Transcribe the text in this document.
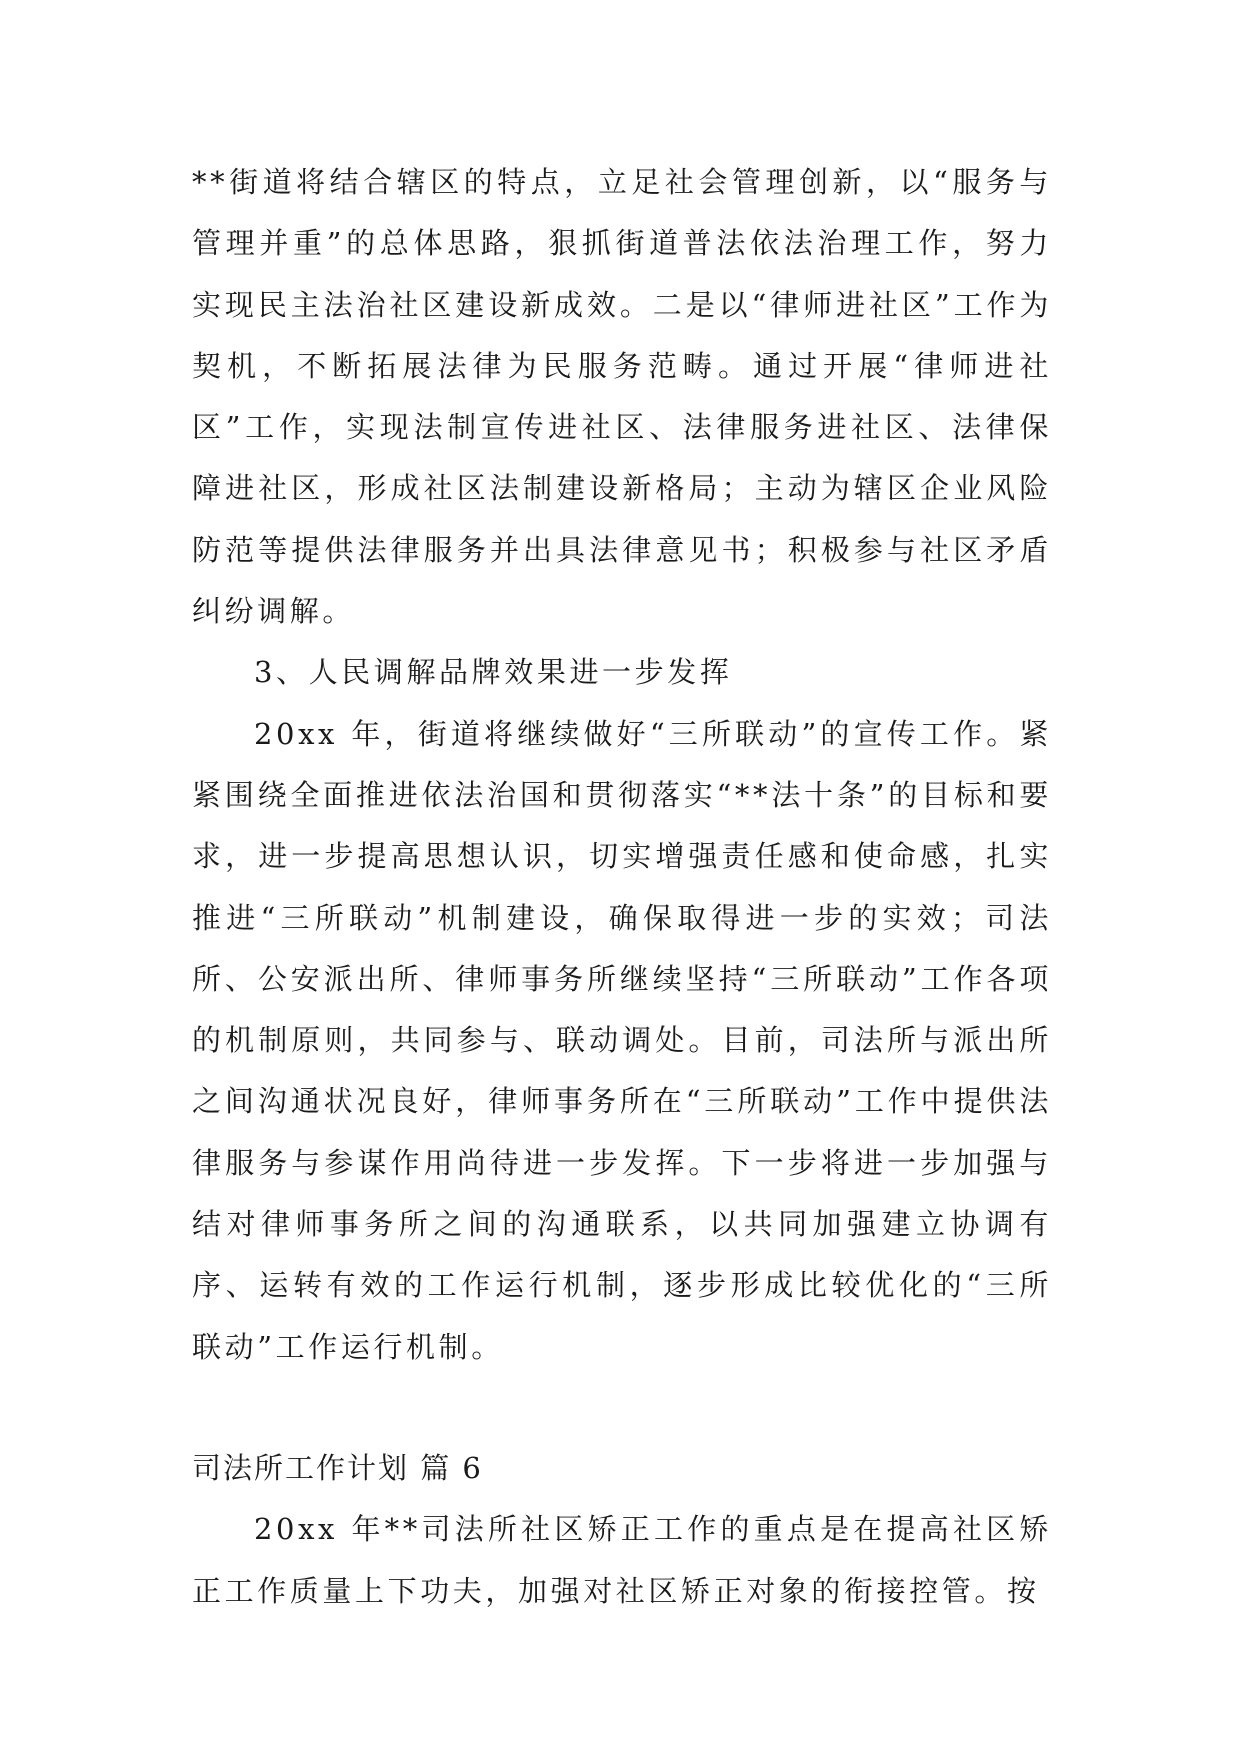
**街道将结合辖区的特点，立足社会管理创新，以“服务与管理并重”的总体思路，狠抓街道普法依法治理工作，努力实现民主法治社区建设新成效。二是以“律师进社区”工作为契机，不断拓展法律为民服务范畴。通过开展“律师进社区”工作，实现法制宣传进社区、法律服务进社区、法律保障进社区，形成社区法制建设新格局；主动为辖区企业风险防范等提供法律服务并出具法律意见书；积极参与社区矛盾纠纷调解。

3、人民调解品牌效果进一步发挥

20xx 年，街道将继续做好“三所联动”的宣传工作。紧紧围绕全面推进依法治国和贯彻落实“**法十条”的目标和要求，进一步提高思想认识，切实增强责任感和使命感，扎实推进“三所联动”机制建设，确保取得进一步的实效；司法所、公安派出所、律师事务所继续坚持“三所联动”工作各项的机制原则，共同参与、联动调处。目前，司法所与派出所之间沟通状况良好，律师事务所在“三所联动”工作中提供法律服务与参谋作用尚待进一步发挥。下一步将进一步加强与结对律师事务所之间的沟通联系，以共同加强建立协调有序、运转有效的工作运行机制，逐步形成比较优化的“三所联动”工作运行机制。

司法所工作计划 篇 6

20xx 年**司法所社区矫正工作的重点是在提高社区矫正工作质量上下功夫，加强对社区矫正对象的衔接控管。按
